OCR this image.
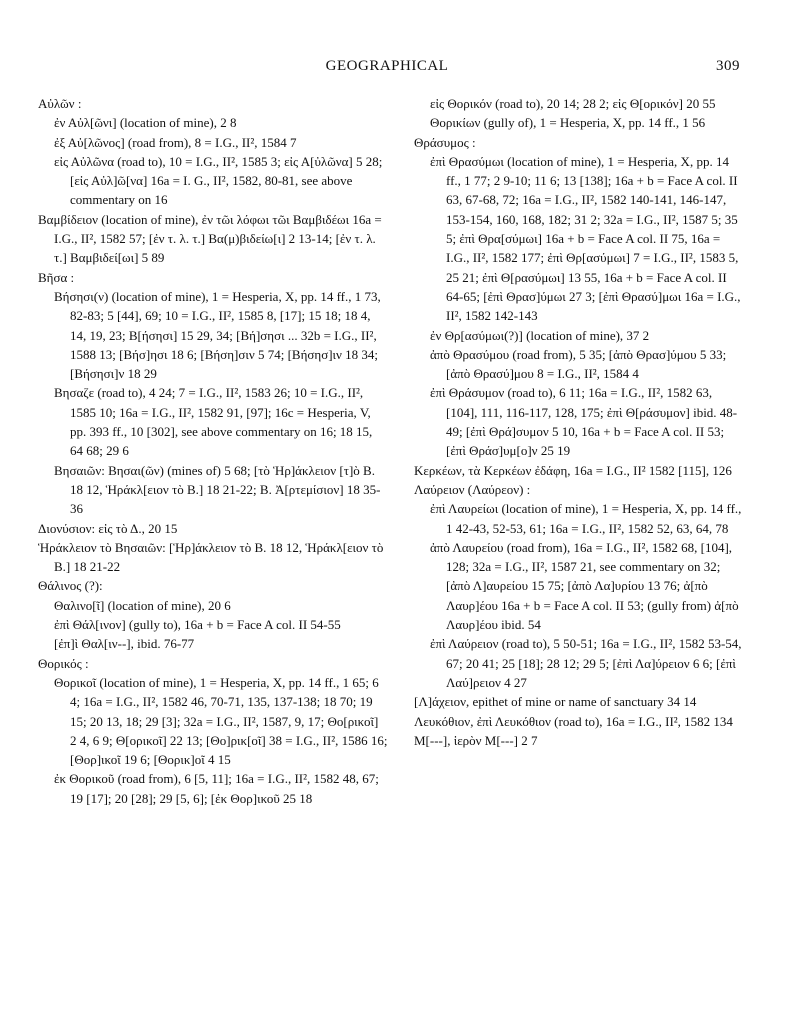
GEOGRAPHICAL	309

Αὐλῶν :

ἐν Αὐλ[ῶνι] (location of mine), 2 8

ἐξ Αὐ[λῶνος] (road from), 8 = I.G., II², 1584 7

εἰς Αὐλῶνα (road to), 10 = I.G., II², 1585 3; εἰς Α[ὐλῶνα] 5 28; [εἰς Αὐλ]ῶ[να] 16a = I. G., II², 1582, 80-81, see above commentary on 16

Βαμβίδειον (location of mine), ἐν τῶι λόφωι τῶι Βαμβιδέωι 16a = I.G., II², 1582 57; [ἐν τ. λ. τ.] Βα(μ)βιδείω[ι] 2 13-14; [ἐν τ. λ. τ.] Βαμβιδεί[ωι] 5 89

Βῆσα :

Βήσησι(ν) (location of mine), 1 = Hesperia, X, pp. 14 ff., 1 73, 82-83; 5 [44], 69; 10 = I.G., II², 1585 8, [17]; 15 18; 18 4, 14, 19, 23; B[ήσησι] 15 29, 34; [Βή]σησι ... 32b = I.G., II², 1588 13; [Βήσ]ησι 18 6; [Βήση]σιν 5 74; [Βήσησ]ιν 18 34; [Βήσησι]ν 18 29

Βησαζε (road to), 4 24; 7 = I.G., II², 1583 26; 10 = I.G., II², 1585 10; 16a = I.G., II², 1582 91, [97]; 16c = Hesperia, V, pp. 393 ff., 10 [302], see above commentary on 16; 18 15, 64 68; 29 6

Βησαιῶν: Βησαι(ῶν) (mines of) 5 68; [τὸ Ἡρ]άκλειον [τ]ὸ Β. 18 12, Ἡράκλ[ειον τὸ Β.] 18 21-22; Β. Ἀ[ρτεμίσιον] 18 35-36

Διονύσιον: εἰς τὸ Δ., 20 15

Ἡράκλειον τὸ Βησαιῶν: [Ἡρ]άκλειον τὸ Β. 18 12, Ἡράκλ[ειον τὸ Β.] 18 21-22

Θάλινος (?):

Θαλινο[ῖ] (location of mine), 20 6

ἐπὶ Θάλ[ινον] (gully to), 16a + b = Face A col. II 54-55

[ἐπ]ὶ Θαλ[ιν--], ibid. 76-77

Θορικός :

Θορικοῖ (location of mine), 1 = Hesperia, X, pp. 14 ff., 1 65; 6 4; 16a = I.G., II², 1582 46, 70-71, 135, 137-138; 18 70; 19 15; 20 13, 18; 29 [3]; 32a = I.G., II², 1587, 9, 17; Θο[ρικοῖ] 2 4, 6 9; Θ[ορικοῖ] 22 13; [Θο]ρικ[οῖ] 38 = I.G., II², 1586 16; [Θορ]ικοῖ 19 6; [Θορικ]οῖ 4 15

ἐκ Θορικοῦ (road from), 6 [5, 11]; 16a = I.G., II², 1582 48, 67; 19 [17]; 20 [28]; 29 [5, 6]; [ἐκ Θορ]ικοῦ 25 18

εἰς Θορικόν (road to), 20 14; 28 2; εἰς Θ[ορικόν] 20 55

Θορικίων (gully of), 1 = Hesperia, X, pp. 14 ff., 1 56

Θράσυμος :

ἐπὶ Θρασύμωι (location of mine), 1 = Hesperia, X, pp. 14 ff., 1 77; 2 9-10; 11 6; 13 [138]; 16a + b = Face A col. II 63, 67-68, 72; 16a = I.G., II², 1582 140-141, 146-147, 153-154, 160, 168, 182; 31 2; 32a = I.G., II², 1587 5; 35 5; ἐπὶ Θρα[σύμωι] 16a + b = Face A col. II 75, 16a = I.G., II², 1582 177; ἐπὶ Θρ[ασύμωι] 7 = I.G., II², 1583 5, 25 21; ἐπὶ Θ[ρασύμωι] 13 55, 16a + b = Face A col. II 64-65; [ἐπὶ Θρασ]ύμωι 27 3; [ἐπὶ Θρασύ]μωι 16a = I.G., II², 1582 142-143

ἐν Θρ[ασύμωι(?)] (location of mine), 37 2

ἀπὸ Θρασύμου (road from), 5 35; [ἀπὸ Θρασ]ύμου 5 33; [ἀπὸ Θρασύ]μου 8 = I.G., II², 1584 4

ἐπὶ Θράσυμον (road to), 6 11; 16a = I.G., II², 1582 63, [104], 111, 116-117, 128, 175; ἐπὶ Θ[ράσυμον] ibid. 48-49; [ἐπὶ Θρά]συμον 5 10, 16a + b = Face A col. II 53; [ἐπὶ Θράσ]υμ[ο]ν 25 19

Κερκέων, τὰ Κερκέων ἐδάφη, 16a = I.G., II² 1582 [115], 126

Λαύρειον (Λαύρεον) :

ἐπὶ Λαυρείωι (location of mine), 1 = Hesperia, X, pp. 14 ff., 1 42-43, 52-53, 61; 16a = I.G., II², 1582 52, 63, 64, 78

ἀπὸ Λαυρείου (road from), 16a = I.G., II², 1582 68, [104], 128; 32a = I.G., II², 1587 21, see commentary on 32; [ἀπὸ Λ]αυρείου 15 75; [ἀπὸ Λα]υρίου 13 76; ἀ[πὸ Λαυρ]έου 16a + b = Face A col. II 53; (gully from) ἀ[πὸ Λαυρ]έου ibid. 54

ἐπὶ Λαύρειον (road to), 5 50-51; 16a = I.G., II², 1582 53-54, 67; 20 41; 25 [18]; 28 12; 29 5; [ἐπὶ Λα]ύρειον 6 6; [ἐπὶ Λαύ]ρειον 4 27

[Λ]άχειον, epithet of mine or name of sanctuary 34 14

Λευκόθιον, ἐπὶ Λευκόθιον (road to), 16a = I.G., II², 1582 134

Μ[---], ἱερὸν Μ[---] 2 7
